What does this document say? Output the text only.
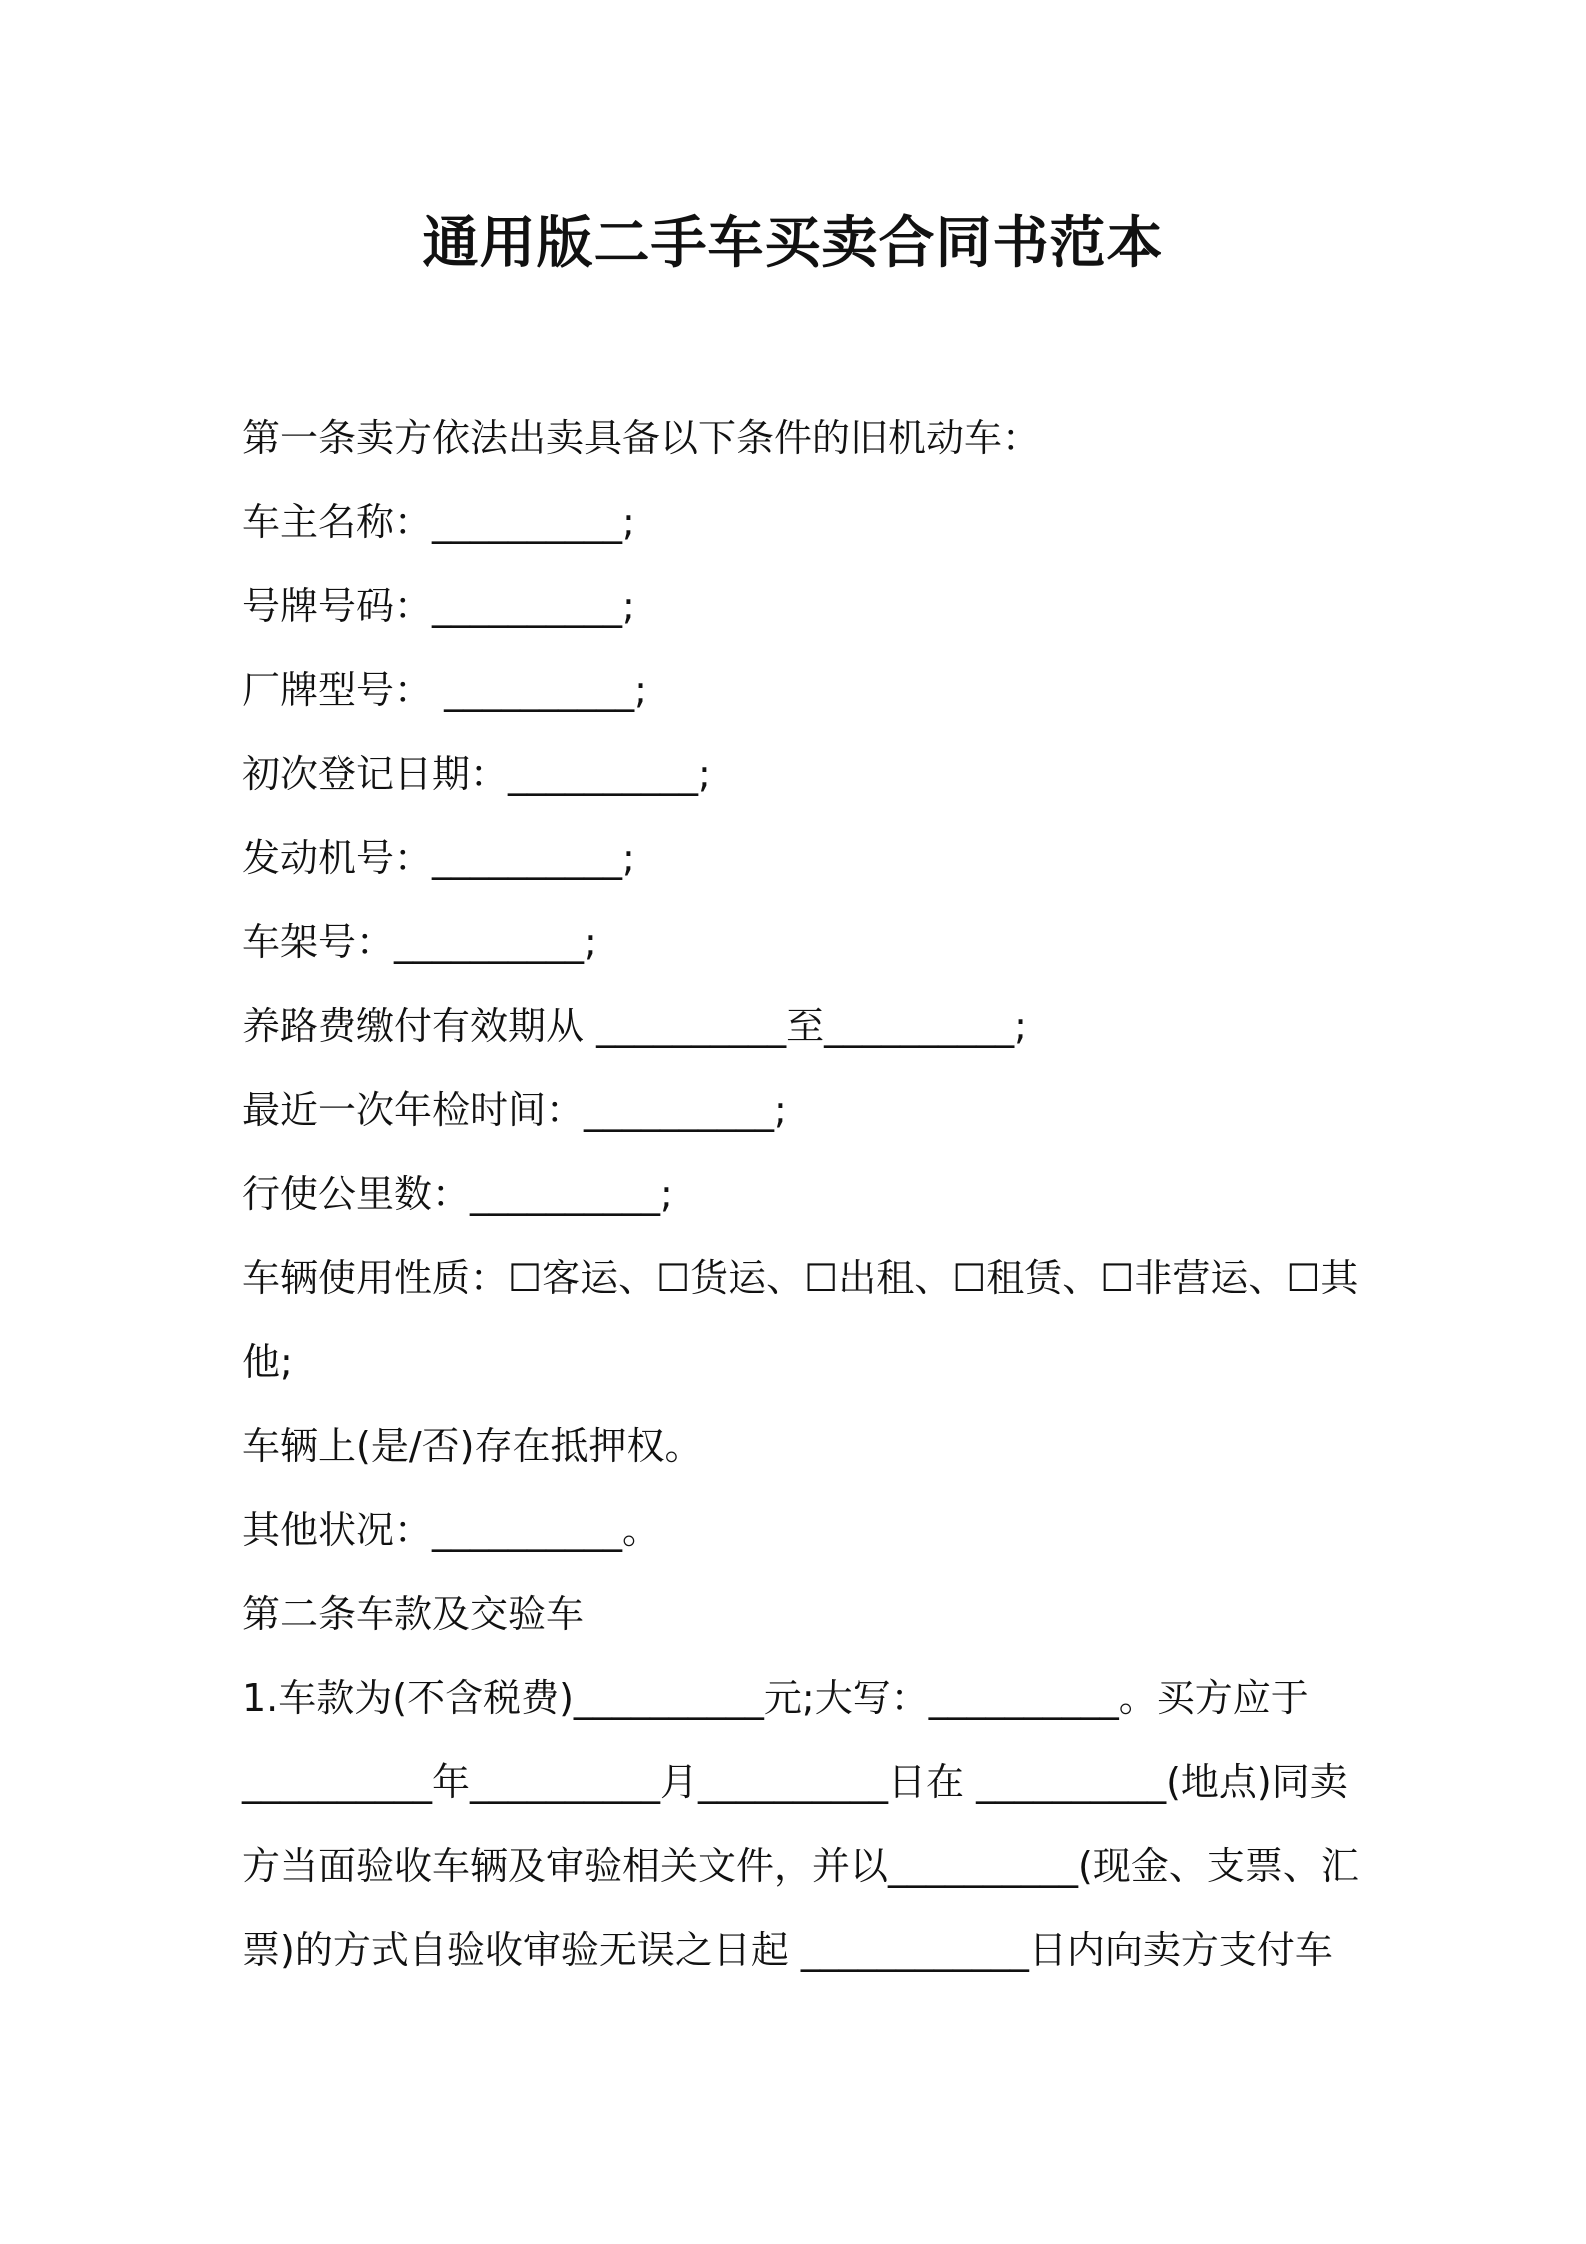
通用版二手车买卖合同书范本
第一条卖方依法出卖具备以下条件的旧机动车：
车主名称：__________;
号牌号码：__________;
厂牌型号： __________;
初次登记日期：__________;
发动机号：__________;
车架号：__________;
养路费缴付有效期从 __________至__________;
最近一次年检时间：__________;
行使公里数：__________;
车辆使用性质：☐客运、☐货运、☐出租、☐租赁、☐非营运、☐其
他;
车辆上(是/否)存在抵押权。
其他状况：__________。
第二条车款及交验车
1.车款为(不含税费)__________元;大写：__________。买方应于
__________年__________月__________日在 __________(地点)同卖
方当面验收车辆及审验相关文件，并以__________(现金、支票、汇
票)的方式自验收审验无误之日起 ____________日内向卖方支付车
